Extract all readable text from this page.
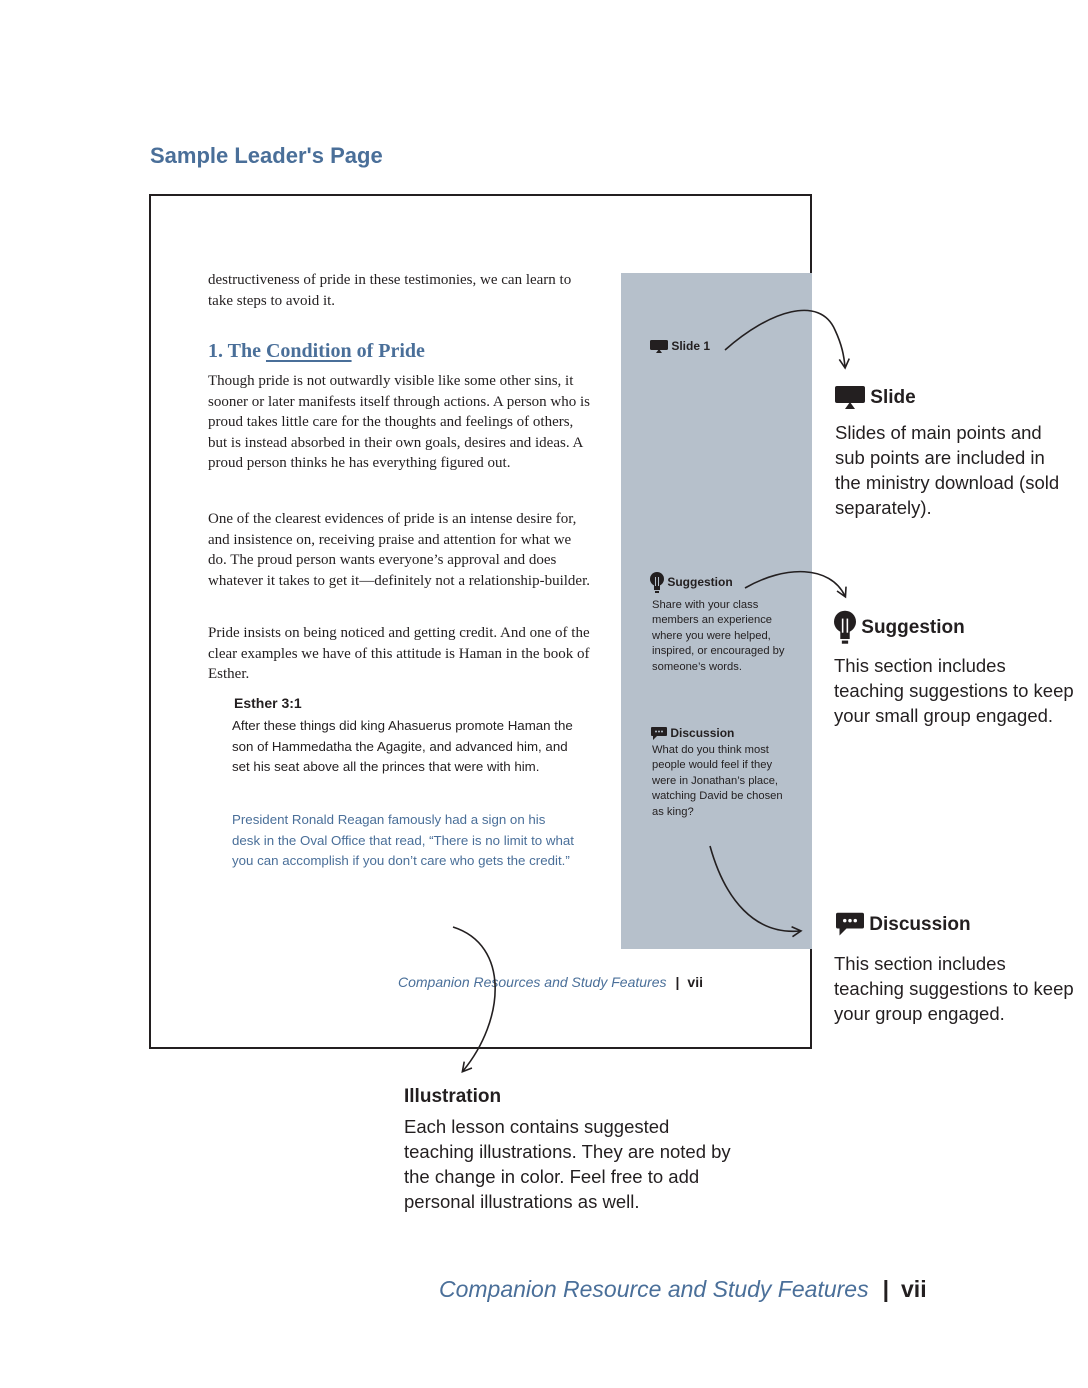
Sample Leader's Page

destructiveness of pride in these testimonies, we can learn to take steps to avoid it.

1. The Condition of Pride

Though pride is not outwardly visible like some other sins, it sooner or later manifests itself through actions. A person who is proud takes little care for the thoughts and feelings of others, but is instead absorbed in their own goals, desires and ideas. A proud person thinks he has everything figured out.

One of the clearest evidences of pride is an intense desire for, and insistence on, receiving praise and attention for what we do. The proud person wants everyone’s approval and does whatever it takes to get it—definitely not a relationship-builder.

Pride insists on being noticed and getting credit. And one of the clear examples we have of this attitude is Haman in the book of Esther.

Esther 3:1

After these things did king Ahasuerus promote Haman the son of Hammedatha the Agagite, and advanced him, and set his seat above all the princes that were with him.

President Ronald Reagan famously had a sign on his desk in the Oval Office that read, “There is no limit to what you can accomplish if you don’t care who gets the credit.”

Companion Resources and Study Features | vii
Slide 1
Suggestion

Share with your class members an experience where you were helped, inspired, or encouraged by someone’s words.

Discussion

What do you think most people would feel if they were in Jonathan’s place, watching David be chosen as king?

Slide

Slides of main points and sub points are included in the ministry download (sold separately).

Suggestion

This section includes teaching suggestions to keep your small group engaged.

Discussion

This section includes teaching suggestions to keep your group engaged.

Illustration

Each lesson contains suggested teaching illustrations. They are noted by the change in color. Feel free to add personal illustrations as well.

Companion Resource and Study Features | vii
